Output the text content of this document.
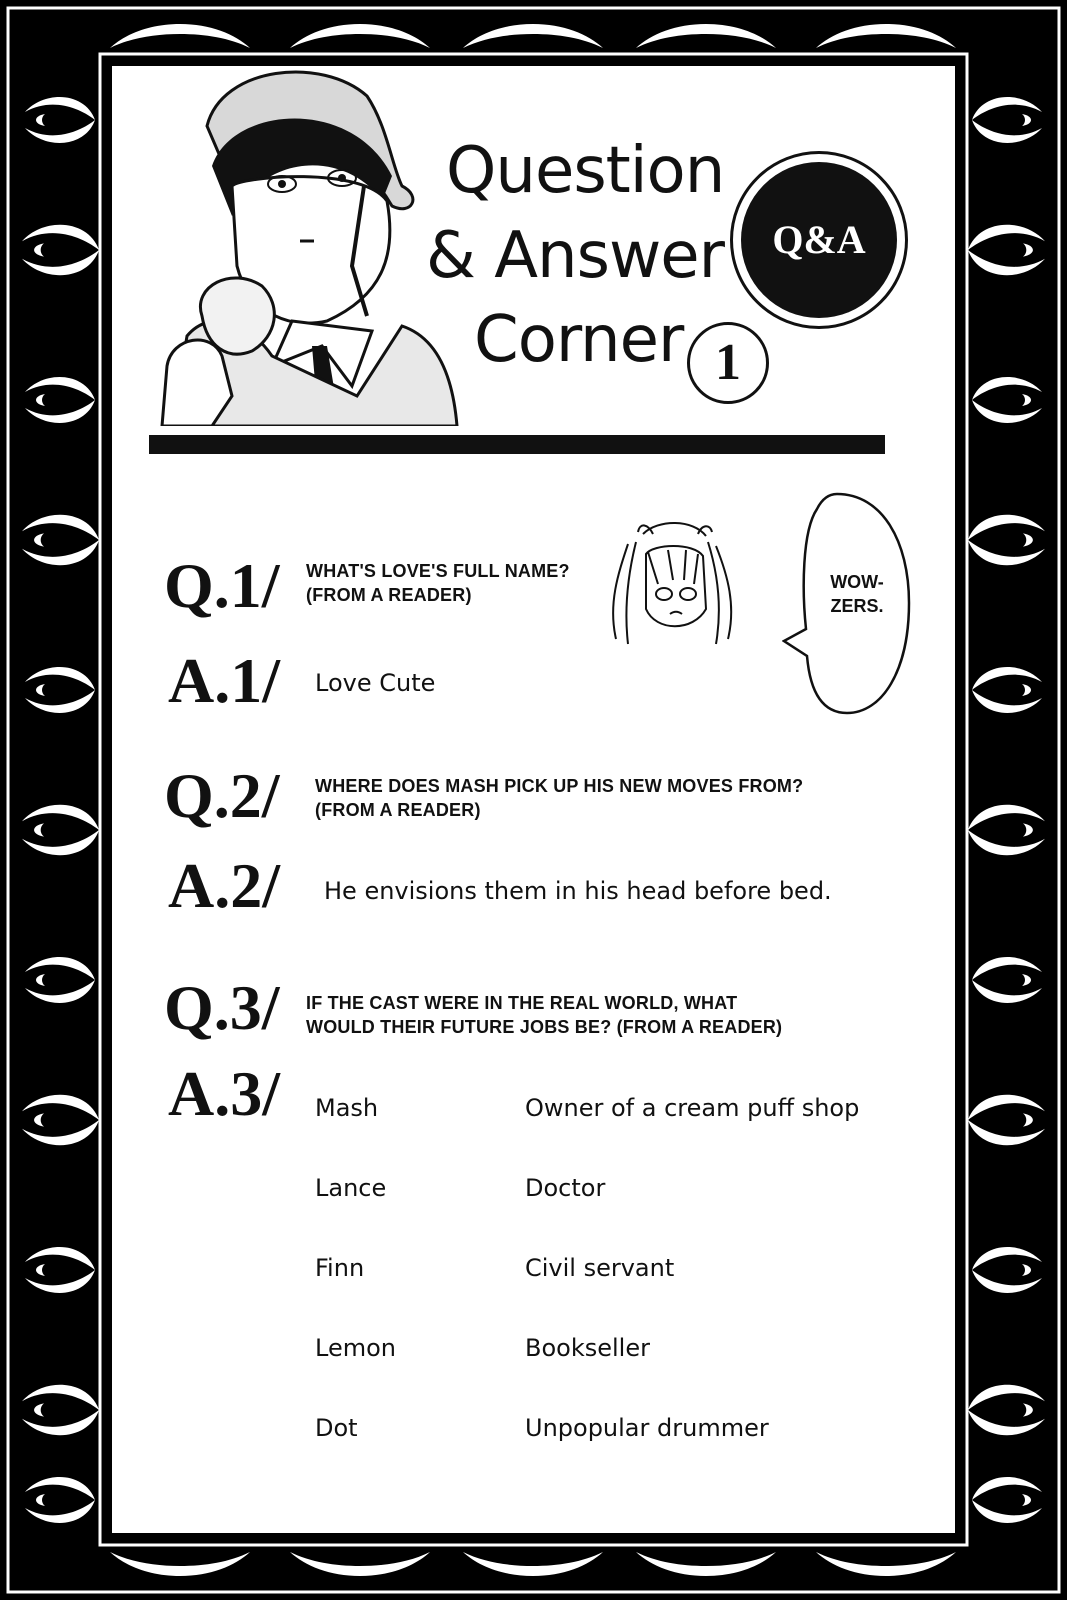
Question
& Answer
Corner
Q&A
1
WOW-
ZERS.
Q.1/ WHAT'S LOVE'S FULL NAME?
(FROM A READER)
A.1/ Love Cute
Q.2/ WHERE DOES MASH PICK UP HIS NEW MOVES FROM?
(FROM A READER)
A.2/ He envisions them in his head before bed.
Q.3/ IF THE CAST WERE IN THE REAL WORLD, WHAT
WOULD THEIR FUTURE JOBS BE? (FROM A READER)
A.3/ Mash	Owner of a cream puff shop
Lance	Doctor
Finn	Civil servant
Lemon	Bookseller
Dot	Unpopular drummer
